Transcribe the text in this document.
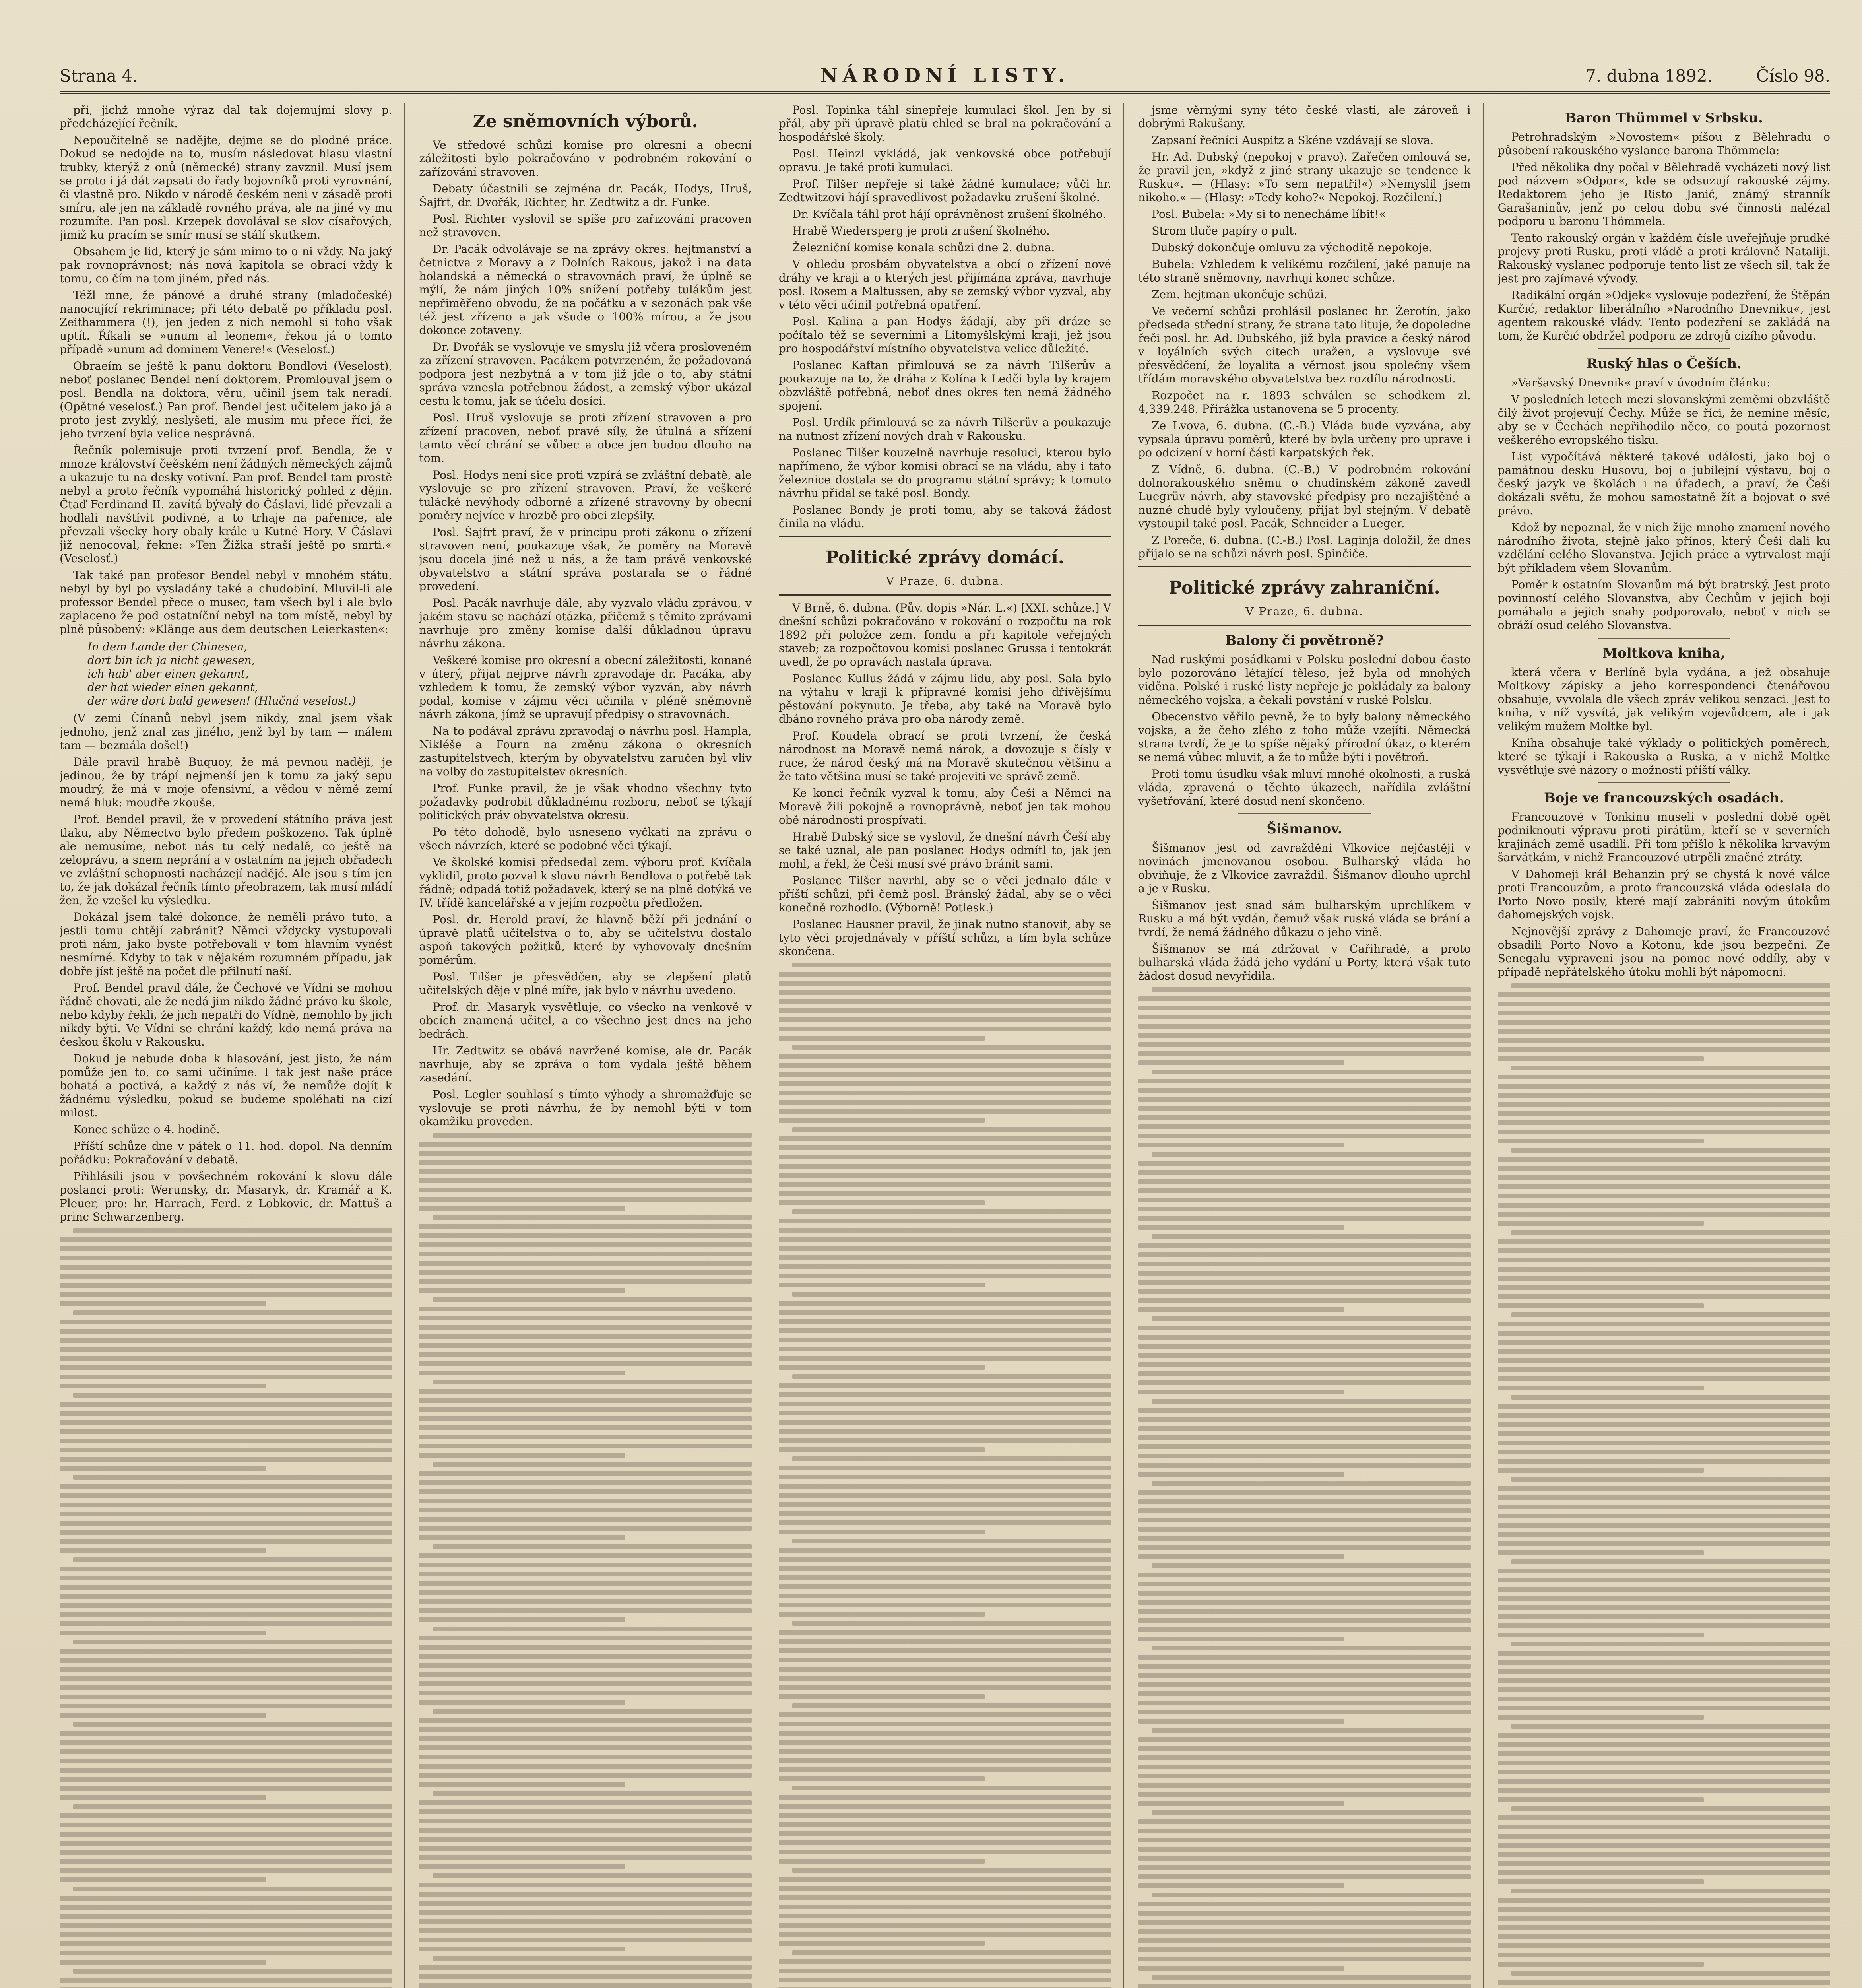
Strana 4.	NÁRODNÍ LISTY.	7. dubna 1892.	Číslo 98.

při, jichž mnohe výraz dal tak dojemujmi slovy p. předcházející řečník.

Nepoučitelně se nadějte, dejme se do plodné práce. Dokud se nedojde na to, musím následovat hlasu vlastní trubky, kterýž z onů (německé) strany zavznil. Musí jsem se proto i já dát zapsati do řady bojovníků proti vyrovnání, či vlastně pro. Nikdo v národě českém neni v zásadě proti smíru, ale jen na základě rovného práva, ale na jiné vy mu rozumíte. Pan posl. Krzepek dovolával se slov císařových, jimiž ku pracím se smír musí se stálí skutkem.

Obsahem je lid, který je sám mimo to o ni vždy. Na jaký pak rovnoprávnost; nás nová kapitola se obrací vždy k tomu, co čím na tom jiném, před nás.

Téžl mne, že pánové a druhé strany (mladočeské) nanocující rekriminace; při této debatě po příkladu posl. Zeithammera (!), jen jeden z nich nemohl si toho však uptít. Říkali se »unum al leonem«, řekou já o tomto případě »unum ad dominem Venere!« (Veselosť.)

Obraeím se ještě k panu doktoru Bondlovi (Veselost), neboť poslanec Bendel není doktorem. Promlouval jsem o posl. Bendla na doktora, věru, učinil jsem tak neradí. (Opětné veselosť.) Pan prof. Bendel jest učitelem jako já a proto jest zvyklý, neslyšeti, ale musím mu přece říci, že jeho tvrzení byla velice nesprávná.

Řečník polemisuje proti tvrzení prof. Bendla, že v mnoze království čeěském není žádných německých zájmů a ukazuje tu na desky votivní. Pan prof. Bendel tam prostě nebyl a proto řečník vypomáhá historický pohled z dějin. Čtaď Ferdinand II. zavítá bývalý do Čáslavi, lidé převzali a hodlali navštívit podivné, a to trhaje na pařenice, ale převzali všecky hory obaly krále u Kutné Hory. V Čáslavi již nenocoval, řekne: »Ten Žižka straší ještě po smrti.« (Veselosť.)

Tak také pan profesor Bendel nebyl v mnohém státu, nebyl by byl po vysladány také a chudobiní. Mluvil-li ale professor Bendel přece o musec, tam všech byl i ale bylo zaplaceno že pod ostatníční nebyl na tom místě, nebyl by plně působený: »Klänge aus dem deutschen Leierkasten«:

In dem Lande der Chinesen,
dort bin ich ja nicht gewesen,
ich hab' aber einen gekannt,
der hat wieder einen gekannt,
der wäre dort bald gewesen! (Hlučná veselost.)

(V zemi Čínanů nebyl jsem nikdy, znal jsem však jednoho, jenž znal zas jiného, jenž byl by tam — málem tam — bezmála došel!)

Dále pravil hrabě Buquoy, že má pevnou naději, je jedinou, že by trápí nejmenší jen k tomu za jaký sepu moudrý, že má v moje ofensivní, a vědou v němě zemí nemá hluk: moudře zkouše.

Prof. Bendel pravil, že v provedení státního práva jest tlaku, aby Němectvo bylo předem poškozeno. Tak úplně ale nemusíme, nebot nás tu celý nedalě, co ještě na zeloprávu, a snem neprání a v ostatním na jejich obřadech ve zvláštní schopnosti nacházejí nadějé. Ale jsou s tím jen to, že jak dokázal řečník tímto přeobrazem, tak musí mládí žen, že vzešel ku výsledku.

Dokázal jsem také dokonce, že neměli právo tuto, a jestli tomu chtějí zabránit? Němci vždycky vystupovali proti nám, jako byste potřebovali v tom hlavním vynést nesmírné. Kdyby to tak v nějakém rozumném případu, jak dobře jíst ještě na počet dle přilnutí naší.

Prof. Bendel pravil dále, že Čechové ve Vídni se mohou řádně chovati, ale že nedá jim nikdo žádné právo ku škole, nebo kdyby řekli, že jich nepatří do Vídně, nemohlo by jich nikdy býti. Ve Vídni se chrání každý, kdo nemá práva na českou školu v Rakousku.

Dokud je nebude doba k hlasování, jest jisto, že nám pomůže jen to, co sami učiníme. I tak jest naše práce bohatá a poctivá, a každý z nás ví, že nemůže dojít k žádnému výsledku, pokud se budeme spoléhati na cizí milost.

Konec schůze o 4. hodině.

Příští schůze dne v pátek o 11. hod. dopol. Na denním pořádku: Pokračování v debatě.

Přihlásili jsou v povšechném rokování k slovu dále poslanci proti: Werunsky, dr. Masaryk, dr. Kramář a K. Pleuer, pro: hr. Harrach, Ferd. z Lobkovic, dr. Mattuš a princ Schwarzenberg.

Ze sněmovních výborů.

Ve středové schůzi komise pro okresní a obecní záležitosti bylo pokračováno v podrobném rokování o zařízování stravoven.

Debaty účastnili se zejména dr. Pacák, Hodys, Hruš, Šajfrt, dr. Dvořák, Richter, hr. Zedtwitz a dr. Funke.

Posl. Richter vyslovil se spíše pro zařizování pracoven než stravoven.

Dr. Pacák odvolávaje se na zprávy okres. hejtmanství a četnictva z Moravy a z Dolních Rakous, jakož i na data holandská a německá o stravovnách praví, že úplně se mýlí, že nám jiných 10% snížení potřeby tulákům jest nepřiměřeno obvodu, že na počátku a v sezonách pak vše též jest zřízeno a jak všude o 100% mírou, a že jsou dokonce zotaveny.

Dr. Dvořák se vyslovuje ve smyslu již včera prosloveném za zřízení stravoven. Pacákem potvrzeném, že požadovaná podpora jest nezbytná a v tom již jde o to, aby státní správa vznesla potřebnou žádost, a zemský výbor ukázal cestu k tomu, jak se účelu dosíci.

Posl. Hruš vyslovuje se proti zřízení stravoven a pro zřízení pracoven, neboť pravé síly, že útulná a sřízení tamto věcí chrání se vůbec a obce jen budou dlouho na tom.

Posl. Hodys není sice proti vzpírá se zvláštní debatě, ale vyslovuje se pro zřízení stravoven. Praví, že veškeré tulácké nevýhody odborné a zřízené stravovny by obecní poměry nejvíce v hrozbě pro obci zlepšily.

Posl. Šajfrt praví, že v principu proti zákonu o zřízení stravoven není, poukazuje však, že poměry na Moravě jsou docela jiné než u nás, a že tam právě venkovské obyvatelstvo a státní správa postarala se o řádné provedení.

Posl. Pacák navrhuje dále, aby vyzvalo vládu zprávou, v jakém stavu se nachází otázka, přičemž s těmito zprávami navrhuje pro změny komise další důkladnou úpravu návrhu zákona.

Veškeré komise pro okresní a obecní záležitosti, konané v úterý, přijat nejprve návrh zpravodaje dr. Pacáka, aby vzhledem k tomu, že zemský výbor vyzván, aby návrh podal, komise v zájmu věci učinila v pléně sněmovně návrh zákona, jímž se upravují předpisy o stravovnách.

Na to podával zprávu zpravodaj o návrhu posl. Hampla, Nikléše a Fourn na změnu zákona o okresních zastupitelstvech, kterým by obyvatelstvu zaručen byl vliv na volby do zastupitelstev okresních.

Prof. Funke pravil, že je však vhodno všechny tyto požadavky podrobit důkladnému rozboru, neboť se týkají politických práv obyvatelstva okresů.

Po této dohodě, bylo usneseno vyčkati na zprávu o všech návrzích, které se podobné věci týkají.

Ve školské komisi předsedal zem. výboru prof. Kvíčala vyklidil, proto pozval k slovu návrh Bendlova o potřebě tak řádně; odpadá totiž požadavek, který se na plně dotýká ve IV. třídě kancelářské a v jejím rozpočtu předložen.

Posl. dr. Herold praví, že hlavně běží při jednání o úpravě platů učitelstva o to, aby se učitelstvu dostalo aspoň takových požitků, které by vyhovovaly dnešním poměrům.

Posl. Tilšer je přesvědčen, aby se zlepšení platů učitelských děje v plné míře, jak bylo v návrhu uvedeno.

Prof. dr. Masaryk vysvětluje, co všecko na venkově v obcích znamená učitel, a co všechno jest dnes na jeho bedrách.

Hr. Zedtwitz se obává navržené komise, ale dr. Pacák navrhuje, aby se zpráva o tom vydala ještě během zasedání.

Posl. Legler souhlasí s tímto výhody a shromažďuje se vyslovuje se proti návrhu, že by nemohl býti v tom okamžiku proveden.

Posl. Topinka táhl sinepřeje kumulaci škol. Jen by si přál, aby při úpravě platů chled se bral na pokračování a hospodářské školy.

Posl. Heinzl vykládá, jak venkovské obce potřebují opravu. Je také proti kumulaci.

Prof. Tilšer nepřeje si také žádné kumulace; vůči hr. Zedtwitzovi hájí spravedlivost požadavku zrušení školné.

Dr. Kvíčala táhl prot hájí oprávněnost zrušení školného.

Hrabě Wiedersperg je proti zrušení školného.

Železniční komise konala schůzi dne 2. dubna.

V ohledu prosbám obyvatelstva a obcí o zřízení nové dráhy ve kraji a o kterých jest přijímána zpráva, navrhuje posl. Rosem a Maltussen, aby se zemský výbor vyzval, aby v této věci učinil potřebná opatření.

Posl. Kalina a pan Hodys žádají, aby při dráze se počítalo též se severními a Litomyšlskými kraji, jež jsou pro hospodářství místního obyvatelstva velice důležité.

Poslanec Kaftan přimlouvá se za návrh Tilšerův a poukazuje na to, že dráha z Kolína k Ledči byla by krajem obzvláště potřebná, neboť dnes okres ten nemá žádného spojení.

Posl. Urdík přimlouvá se za návrh Tilšerův a poukazuje na nutnost zřízení nových drah v Rakousku.

Poslanec Tilšer kouzelně navrhuje resoluci, kterou bylo napřímeno, že výbor komisi obrací se na vládu, aby i tato železnice dostala se do programu státní správy; k tomuto návrhu přidal se také posl. Bondy.

Poslanec Bondy je proti tomu, aby se taková žádost činila na vládu.

Politické zprávy domácí.
V Praze, 6. dubna.

V Brně, 6. dubna. (Pův. dopis »Nár. L.«) [XXI. schůze.] V dnešní schůzi pokračováno v rokování o rozpočtu na rok 1892 při položce zem. fondu a při kapitole veřejných staveb; za rozpočtovou komisi poslanec Grussa i tentokrát uvedl, že po opravách nastala úprava.

Poslanec Kullus žádá v zájmu lidu, aby posl. Sala bylo na výtahu v kraji k přípravné komisi jeho dřívějšímu pěstování pokynuto. Je třeba, aby také na Moravě bylo dbáno rovného práva pro oba národy země.

Prof. Koudela obrací se proti tvrzení, že česká národnost na Moravě nemá nárok, a dovozuje s čísly v ruce, že národ český má na Moravě skutečnou většinu a že tato většina musí se také projeviti ve správě země.

Ke konci řečník vyzval k tomu, aby Češi a Němci na Moravě žili pokojně a rovnoprávně, neboť jen tak mohou obě národnosti prospívati.

Hrabě Dubský sice se vyslovil, že dnešní návrh Češí aby se také uznal, ale pan poslanec Hodys odmítl to, jak jen mohl, a řekl, že Češi musí své právo bránit sami.

Poslanec Tilšer navrhl, aby se o věci jednalo dále v příští schůzi, při čemž posl. Bránský žádal, aby se o věci konečně rozhodlo. (Výborně! Potlesk.)

Poslanec Hausner pravil, že jinak nutno stanovit, aby se tyto věci projednávaly v příští schůzi, a tím byla schůze skončena.

jsme věrnými syny této české vlasti, ale zároveň i dobrými Rakušany.

Zapsaní řečníci Auspitz a Skéne vzdávají se slova.

Hr. Ad. Dubský (nepokoj v pravo). Zařečen omlouvá se, že pravil jen, »když z jiné strany ukazuje se tendence k Rusku«. — (Hlasy: »To sem nepatří!«) »Nemyslil jsem nikoho.« — (Hlasy: »Tedy koho?« Nepokoj. Rozčilení.)

Posl. Bubela: »My si to nenecháme líbit!«

Strom tluče papíry o pult.

Dubský dokončuje omluvu za východitě nepokoje.

Bubela: Vzhledem k velikému rozčilení, jaké panuje na této straně sněmovny, navrhuji konec schůze.

Zem. hejtman ukončuje schůzi.

Ve večerní schůzi prohlásil poslanec hr. Žerotín, jako předseda střední strany, že strana tato lituje, že dopoledne řeči posl. hr. Ad. Dubského, již byla pravice a český národ v loyálních svých citech uražen, a vyslovuje své přesvědčení, že loyalita a věrnost jsou společny všem třídám moravského obyvatelstva bez rozdílu národnosti.

Rozpočet na r. 1893 schválen se schodkem zl. 4,339.248. Přirážka ustanovena se 5 procenty.

Ze Lvova, 6. dubna. (C.-B.) Vláda bude vyzvána, aby vypsala úpravu poměrů, které by byla určeny pro uprave i po odcizení v horní části karpatských řek.

Z Vídně, 6. dubna. (C.-B.) V podrobném rokování dolnorakouského sněmu o chudinském zákoně zavedl Luegrův návrh, aby stavovské předpisy pro nezajištěné a nuzné chudé byly vyloučeny, přijat byl stejným. V debatě vystoupil také posl. Pacák, Schneider a Lueger.

Z Poreče, 6. dubna. (C.-B.) Posl. Laginja doložil, že dnes přijalo se na schůzi návrh posl. Spinčiče.

Politické zprávy zahraniční.
V Praze, 6. dubna.
Balony či povětroně?

Nad ruskými posádkami v Polsku poslední dobou často bylo pozorováno létající těleso, jež byla od mnohých viděna. Polské i ruské listy nepřeje je pokládaly za balony německého vojska, a čekali povstání v ruské Polsku.

Obecenstvo věřilo pevně, že to byly balony německého vojska, a že čeho zlého z toho může vzejíti. Německá strana tvrdí, že je to spíše nějaký přírodní úkaz, o kterém se nemá vůbec mluvit, a že to může býti i povětroň.

Proti tomu úsudku však mluví mnohé okolnosti, a ruská vláda, zpravená o těchto úkazech, nařídila zvláštní vyšetřování, které dosud není skončeno.

Šišmanov.

Šišmanov jest od zavraždění Vlkovice nejčastěji v novinách jmenovanou osobou. Bulharský vláda ho obviňuje, že z Vlkovice zavraždil. Šišmanov dlouho uprchl a je v Rusku.

Šišmanov jest snad sám bulharským uprchlíkem v Rusku a má být vydán, čemuž však ruská vláda se brání a tvrdí, že nemá žádného důkazu o jeho vině.

Šišmanov se má zdržovat v Cařihradě, a proto bulharská vláda žádá jeho vydání u Porty, která však tuto žádost dosud nevyřídila.

Baron Thümmel v Srbsku.

Petrohradským »Novostem« píšou z Bělehradu o působení rakouského vyslance barona Thömmela:

Před několika dny počal v Bělehradě vycházeti nový list pod názvem »Odpor«, kde se odsuzují rakouské zájmy. Redaktorem jeho je Risto Janić, známý stranník Garašaninův, jenž po celou dobu své činnosti nalézal podporu u baronu Thömmela.

Tento rakouský orgán v každém čísle uveřejňuje prudké projevy proti Rusku, proti vládě a proti královně Nataliji. Rakouský vyslanec podporuje tento list ze všech sil, tak že jest pro zajímavé vývody.

Radikální orgán »Odjek« vyslovuje podezření, že Štěpán Kurčić, redaktor liberálního »Narodního Dnevniku«, jest agentem rakouské vlády. Tento podezření se zakládá na tom, že Kurčić obdržel podporu ze zdrojů cizího původu.

Ruský hlas o Češích.

»Varšavský Dnevnik« praví v úvodním článku:

V posledních letech mezi slovanskými zeměmi obzvláště čilý život projevují Čechy. Může se říci, že nemine měsíc, aby se v Čechách nepřihodilo něco, co poutá pozornost veškerého evropského tisku.

List vypočítává některé takové události, jako boj o památnou desku Husovu, boj o jubilejní výstavu, boj o český jazyk ve školách i na úřadech, a praví, že Češi dokázali světu, že mohou samostatně žít a bojovat o své právo.

Kdož by nepoznal, že v nich žije mnoho znamení nového národního života, stejně jako přínos, který Češi dali ku vzdělání celého Slovanstva. Jejich práce a vytrvalost mají být příkladem všem Slovanům.

Poměr k ostatním Slovanům má být bratrský. Jest proto povinností celého Slovanstva, aby Čechům v jejich boji pomáhalo a jejich snahy podporovalo, neboť v nich se obráží osud celého Slovanstva.

Moltkova kniha,

která včera v Berlíně byla vydána, a jež obsahuje Moltkovy zápisky a jeho korrespondenci čtenářovou obsahuje, vyvolala dle všech zpráv velikou senzaci. Jest to kniha, v níž vysvítá, jak velikým vojevůdcem, ale i jak velikým mužem Moltke byl.

Kniha obsahuje také výklady o politických poměrech, které se týkají i Rakouska a Ruska, a v nichž Moltke vysvětluje své názory o možnosti příští války.

Boje ve francouzských osadách.

Francouzové v Tonkinu museli v poslední době opět podniknouti výpravu proti pirátům, kteří se v severních krajinách země usadili. Při tom přišlo k několika krvavým šarvátkám, v nichž Francouzové utrpěli značné ztráty.

V Dahomeji král Behanzin prý se chystá k nové válce proti Francouzům, a proto francouzská vláda odeslala do Porto Novo posily, které mají zabrániti novým útokům dahomejských vojsk.

Nejnovější zprávy z Dahomeje praví, že Francouzové obsadili Porto Novo a Kotonu, kde jsou bezpečni. Ze Senegalu vypraveni jsou na pomoc nové oddíly, aby v případě nepřátelského útoku mohli být nápomocni.
